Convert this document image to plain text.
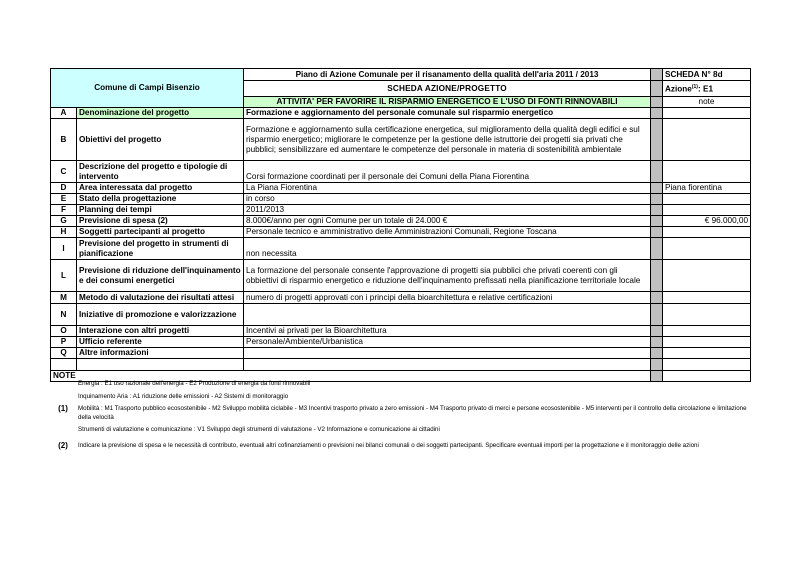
Comune di Campi Bisenzio		Piano di Azione Comunale per il risanamento della qualità dell'aria 2011 / 2013		SCHEDA N° 8d
		SCHEDA AZIONE/PROGETTO		Azione$^{(1)}$: E1
		ATTIVITA' PER FAVORIRE IL RISPARMIO ENERGETICO E L'USO DI FONTI RINNOVABILI		note
A	Denominazione del progetto	Formazione e aggiornamento del personale comunale sul risparmio energetico		
B	Obiettivi del progetto	Formazione e aggiornamento sulla certificazione energetica, sul miglioramento della qualità degli edifici e sul risparmio energetico; migliorare le competenze per la gestione delle istruttorie dei progetti sia privati che pubblici; sensibilizzare ed aumentare le competenze del personale in materia di sostenibilità ambientale		
C	Descrizione del progetto e tipologie di intervento	Corsi formazione coordinati per il personale dei Comuni della Piana Fiorentina		
D	Area interessata dal progetto	La Piana Fiorentina		Piana fiorentina
E	Stato della progettazione	in corso		
F	Planning dei tempi	2011/2013		
G	Previsione di spesa (2)	8.000€/anno per ogni Comune per un totale di 24.000 €		€ 96.000,00
H	Soggetti partecipanti al progetto	Personale tecnico e amministrativo delle Amministrazioni Comunali, Regione Toscana		
I	Previsione del progetto in strumenti di pianificazione	non necessita		
L	Previsione di riduzione dell'inquinamento e dei consumi energetici	La formazione del personale consente l'approvazione di progetti sia pubblici che privati coerenti con gli obbiettivi di risparmio energetico e riduzione dell'inquinamento prefissati nella pianificazione territoriale locale		
M	Metodo di valutazione dei risultati attesi	numero di progetti approvati con i principi della bioarchitettura e relative certificazioni		
N	Iniziative di promozione e valorizzazione			
O	Interazione con altri progetti	Incentivi ai privati per la Bioarchitettura		
P	Ufficio referente	Personale/Ambiente/Urbanistica		
Q	Altre informazioni			

NOTE				
(1)

Energia : E1 uso razionale dell'energia - E2 Produzione di energia da fonti rinnovabili

Inquinamento Aria : A1 riduzione delle emissioni - A2 Sistemi di monitoraggio

Mobilità : M1 Trasporto pubblico ecosostenibile - M2 Sviluppo mobilità ciclabile - M3 Incentivi trasporto privato a zero emissioni - M4 Trasporto privato di merci e persone ecosostenibile - M5 interventi per il controllo della circolazione e limitazione della velocità

Strumenti di valutazione e comunicazione : V1 Sviluppo degli strumenti di valutazione - V2 Informazione e comunicazione ai cittadini

(2)	Indicare la previsione di spesa e le necessità di contributo, eventuali altri cofinanziamenti o previsioni nei bilanci comunali o dei soggetti partecipanti. Specificare eventuali importi per la progettazione e il monitoraggio delle azioni
